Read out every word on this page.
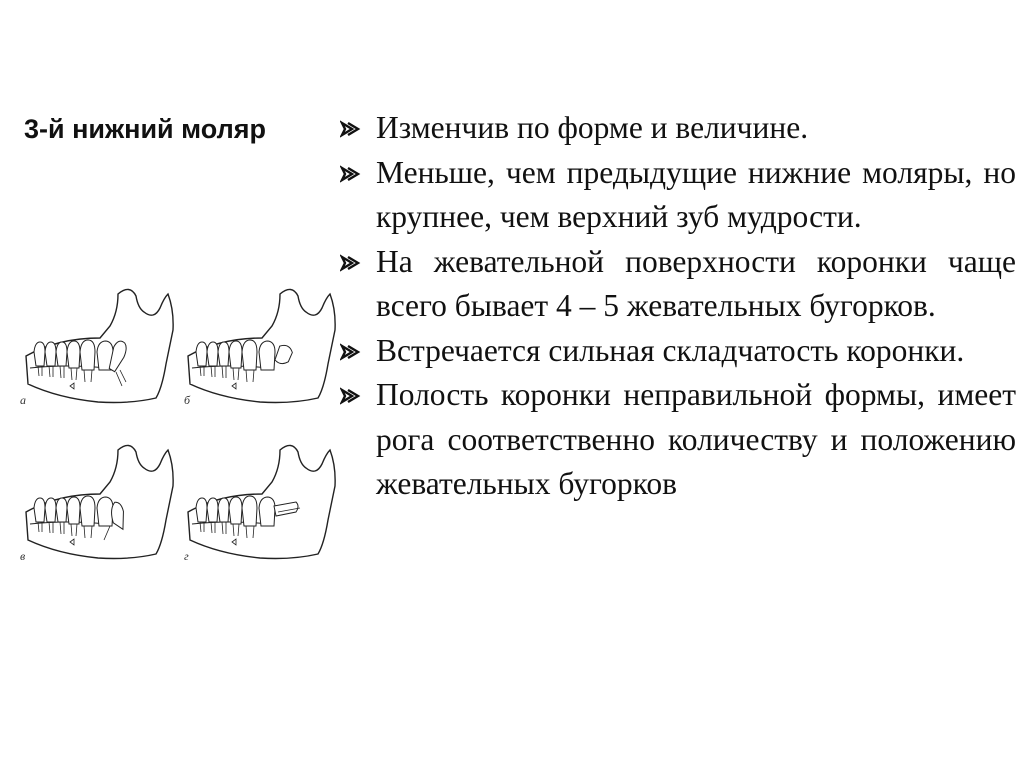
3-й нижний моляр
а	б
в	г
Изменчив по форме и величине.
Меньше, чем предыдущие нижние моляры, но крупнее, чем верхний зуб мудрости.
На жевательной поверхности коронки чаще всего бывает 4 – 5 жевательных бугорков.
Встречается сильная складчатость коронки.
Полость коронки неправильной формы, имеет рога соответственно количеству и положению жевательных бугорков
